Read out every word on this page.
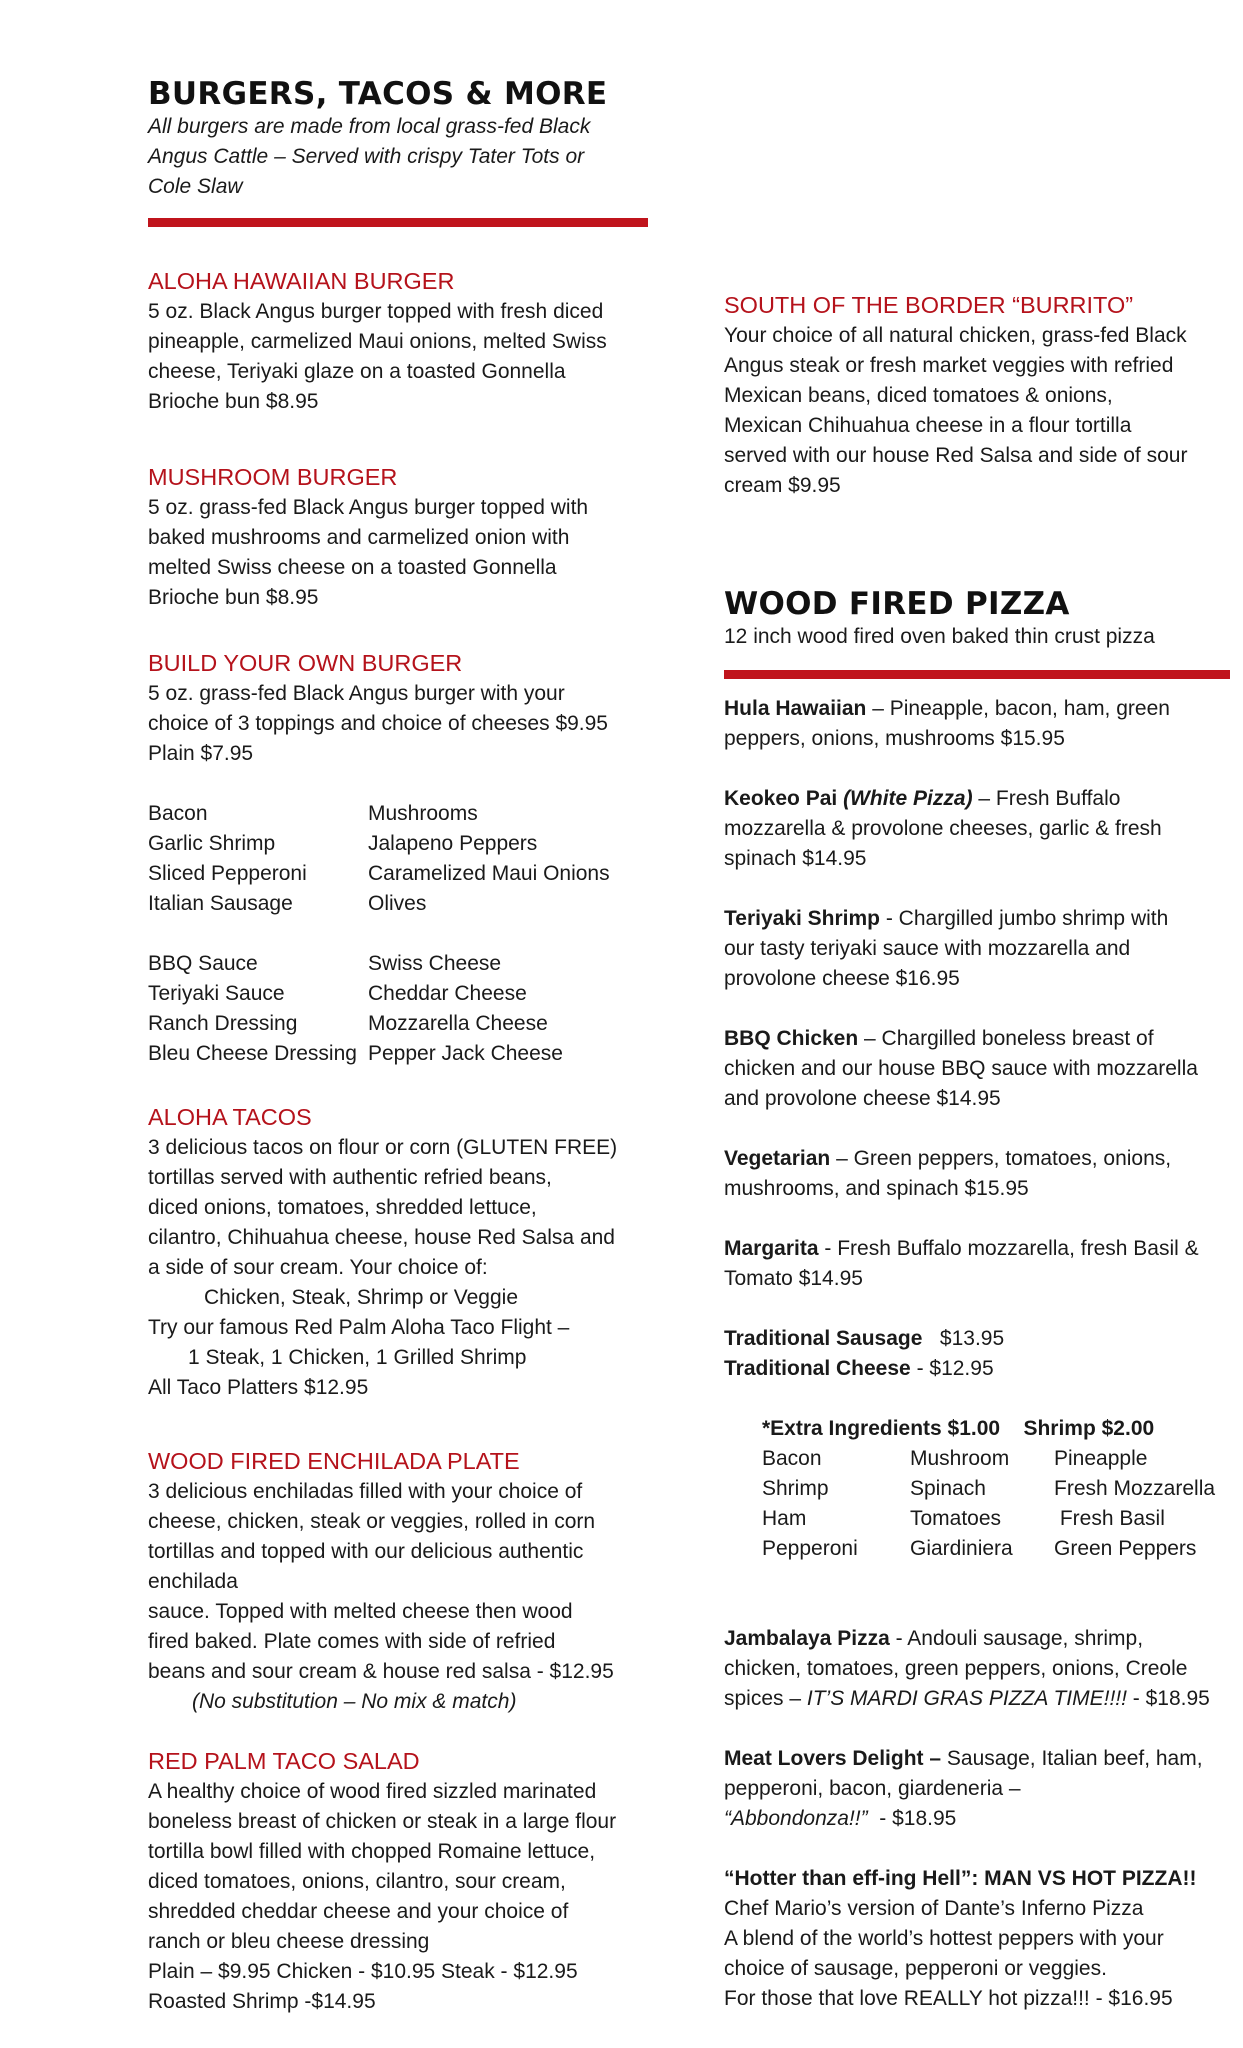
BURGERS, TACOS & MORE

All burgers are made from local grass-fed Black

Angus Cattle – Served with crispy Tater Tots or

Cole Slaw

ALOHA HAWAIIAN BURGER

5 oz. Black Angus burger topped with fresh diced

pineapple, carmelized Maui onions, melted Swiss

cheese, Teriyaki glaze on a toasted Gonnella

Brioche bun $8.95

MUSHROOM BURGER

5 oz. grass-fed Black Angus burger topped with

baked mushrooms and carmelized onion with

melted Swiss cheese on a toasted Gonnella

Brioche bun $8.95

BUILD YOUR OWN BURGER

5 oz. grass-fed Black Angus burger with your

choice of 3 toppings and choice of cheeses $9.95

Plain $7.95

Bacon	Mushrooms
Garlic Shrimp	Jalapeno Peppers
Sliced Pepperoni	Caramelized Maui Onions
Italian Sausage	Olives
BBQ Sauce	Swiss Cheese
Teriyaki Sauce	Cheddar Cheese
Ranch Dressing	Mozzarella Cheese
Bleu Cheese Dressing Pepper Jack Cheese
ALOHA TACOS

3 delicious tacos on flour or corn (GLUTEN FREE)

tortillas served with authentic refried beans,

diced onions, tomatoes, shredded lettuce,

cilantro, Chihuahua cheese, house Red Salsa and

a side of sour cream. Your choice of:

Chicken, Steak, Shrimp or Veggie

Try our famous Red Palm Aloha Taco Flight –

1 Steak, 1 Chicken, 1 Grilled Shrimp

All Taco Platters $12.95

WOOD FIRED ENCHILADA PLATE

3 delicious enchiladas filled with your choice of

cheese, chicken, steak or veggies, rolled in corn

tortillas and topped with our delicious authentic

enchilada

sauce. Topped with melted cheese then wood

fired baked. Plate comes with side of refried

beans and sour cream & house red salsa - $12.95

(No substitution – No mix & match)

RED PALM TACO SALAD

A healthy choice of wood fired sizzled marinated

boneless breast of chicken or steak in a large flour

tortilla bowl filled with chopped Romaine lettuce,

diced tomatoes, onions, cilantro, sour cream,

shredded cheddar cheese and your choice of

ranch or bleu cheese dressing

Plain – $9.95 Chicken - $10.95 Steak - $12.95

Roasted Shrimp -$14.95

SOUTH OF THE BORDER “BURRITO”

Your choice of all natural chicken, grass-fed Black

Angus steak or fresh market veggies with refried

Mexican beans, diced tomatoes & onions,

Mexican Chihuahua cheese in a flour tortilla

served with our house Red Salsa and side of sour

cream $9.95

WOOD FIRED PIZZA
12 inch wood fired oven baked thin crust pizza

Hula Hawaiian – Pineapple, bacon, ham, green

peppers, onions, mushrooms $15.95

Keokeo Pai (White Pizza) – Fresh Buffalo

mozzarella & provolone cheeses, garlic & fresh

spinach $14.95

Teriyaki Shrimp - Chargilled jumbo shrimp with

our tasty teriyaki sauce with mozzarella and

provolone cheese $16.95

BBQ Chicken – Chargilled boneless breast of

chicken and our house BBQ sauce with mozzarella

and provolone cheese $14.95

Vegetarian – Green peppers, tomatoes, onions,

mushrooms, and spinach $15.95

Margarita - Fresh Buffalo mozzarella, fresh Basil &

Tomato $14.95

Traditional Sausage   $13.95

Traditional Cheese - $12.95

*Extra Ingredients $1.00    Shrimp $2.00

Bacon	Mushroom	Pineapple
Shrimp	Spinach	Fresh Mozzarella
Ham	Tomatoes	Fresh Basil
Pepperoni	Giardiniera	Green Peppers

Jambalaya Pizza - Andouli sausage, shrimp,

chicken, tomatoes, green peppers, onions, Creole

spices – IT’S MARDI GRAS PIZZA TIME!!!! - $18.95

Meat Lovers Delight – Sausage, Italian beef, ham,

pepperoni, bacon, giardeneria –

“Abbondonza!!”  - $18.95

“Hotter than eff-ing Hell”: MAN VS HOT PIZZA!!

Chef Mario’s version of Dante’s Inferno Pizza

A blend of the world’s hottest peppers with your

choice of sausage, pepperoni or veggies.

For those that love REALLY hot pizza!!! - $16.95
